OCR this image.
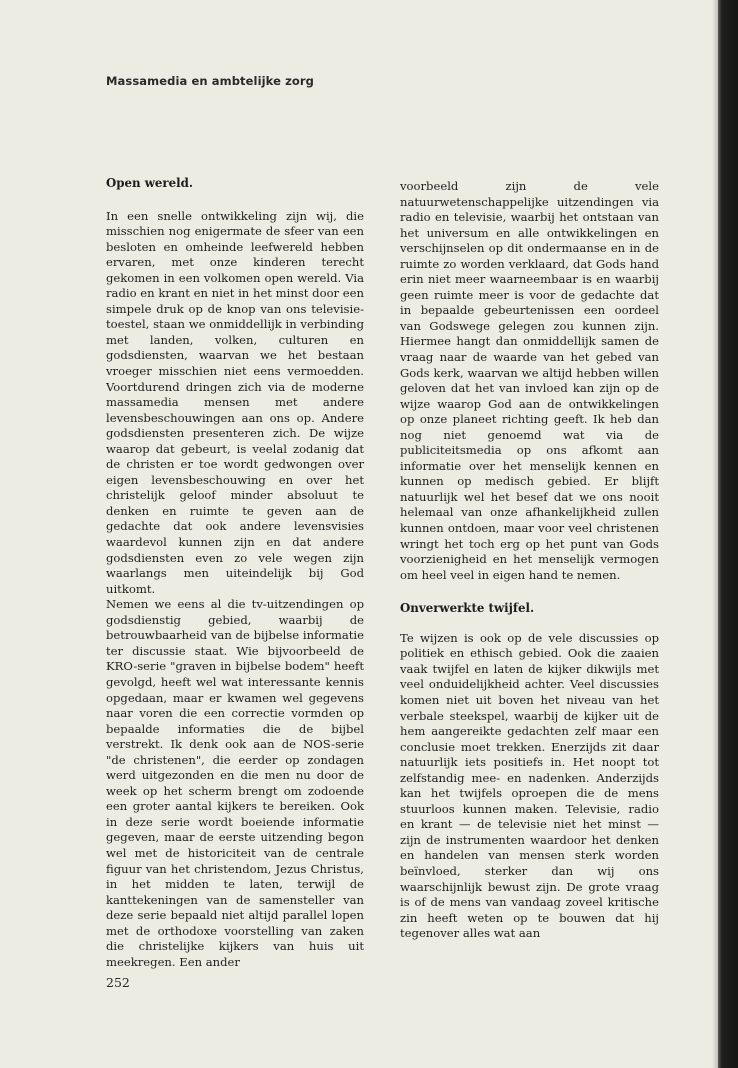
Massamedia en ambtelijke zorg
Open wereld.

In een snelle ontwikkeling zijn wij, die misschien nog enigermate de sfeer van een besloten en omheinde leefwereld hebben ervaren, met onze kinderen terecht gekomen in een volkomen open wereld. Via radio en krant en niet in het minst door een simpele druk op de knop van ons televisie-toestel, staan we onmiddellijk in verbinding met landen, volken, culturen en godsdiensten, waarvan we het bestaan vroeger misschien niet eens vermoedden. Voortdurend dringen zich via de moderne massamedia mensen met andere levensbeschouwingen aan ons op. Andere godsdiensten presenteren zich. De wijze waarop dat gebeurt, is veelal zodanig dat de christen er toe wordt gedwongen over eigen levensbeschouwing en over het christelijk geloof minder absoluut te denken en ruimte te geven aan de gedachte dat ook andere levensvisies waardevol kunnen zijn en dat andere godsdiensten even zo vele wegen zijn waarlangs men uiteindelijk bij God uitkomt.

Nemen we eens al die tv-uitzendingen op godsdienstig gebied, waarbij de betrouwbaarheid van de bijbelse informatie ter discussie staat. Wie bijvoorbeeld de KRO-serie "graven in bijbelse bodem" heeft gevolgd, heeft wel wat interessante kennis opgedaan, maar er kwamen wel gegevens naar voren die een correctie vormden op bepaalde informaties die de bijbel verstrekt. Ik denk ook aan de NOS-serie "de christenen", die eerder op zondagen werd uitgezonden en die men nu door de week op het scherm brengt om zodoende een groter aantal kijkers te bereiken. Ook in deze serie wordt boeiende informatie gegeven, maar de eerste uitzending begon wel met de historiciteit van de centrale figuur van het christendom, Jezus Christus, in het midden te laten, terwijl de kanttekeningen van de samensteller van deze serie bepaald niet altijd parallel lopen met de orthodoxe voorstelling van zaken die christelijke kijkers van huis uit meekregen. Een ander

voorbeeld zijn de vele natuurwetenschappelijke uitzendingen via radio en televisie, waarbij het ontstaan van het universum en alle ontwikkelingen en verschijnselen op dit ondermaanse en in de ruimte zo worden verklaard, dat Gods hand erin niet meer waarneembaar is en waarbij geen ruimte meer is voor de gedachte dat in bepaalde gebeurtenissen een oordeel van Godswege gelegen zou kunnen zijn. Hiermee hangt dan onmiddellijk samen de vraag naar de waarde van het gebed van Gods kerk, waarvan we altijd hebben willen geloven dat het van invloed kan zijn op de wijze waarop God aan de ontwikkelingen op onze planeet richting geeft. Ik heb dan nog niet genoemd wat via de publiciteitsmedia op ons afkomt aan informatie over het menselijk kennen en kunnen op medisch gebied. Er blijft natuurlijk wel het besef dat we ons nooit helemaal van onze afhankelijkheid zullen kunnen ontdoen, maar voor veel christenen wringt het toch erg op het punt van Gods voorzienigheid en het menselijk vermogen om heel veel in eigen hand te nemen.

Onverwerkte twijfel.

Te wijzen is ook op de vele discussies op politiek en ethisch gebied. Ook die zaaien vaak twijfel en laten de kijker dikwijls met veel onduidelijkheid achter. Veel discussies komen niet uit boven het niveau van het verbale steekspel, waarbij de kijker uit de hem aangereikte gedachten zelf maar een conclusie moet trekken. Enerzijds zit daar natuurlijk iets positiefs in. Het noopt tot zelfstandig mee- en nadenken. Anderzijds kan het twijfels oproepen die de mens stuurloos kunnen maken. Televisie, radio en krant — de televisie niet het minst — zijn de instrumenten waardoor het denken en handelen van mensen sterk worden beïnvloed, sterker dan wij ons waarschijnlijk bewust zijn. De grote vraag is of de mens van vandaag zoveel kritische zin heeft weten op te bouwen dat hij tegenover alles wat aan

252
